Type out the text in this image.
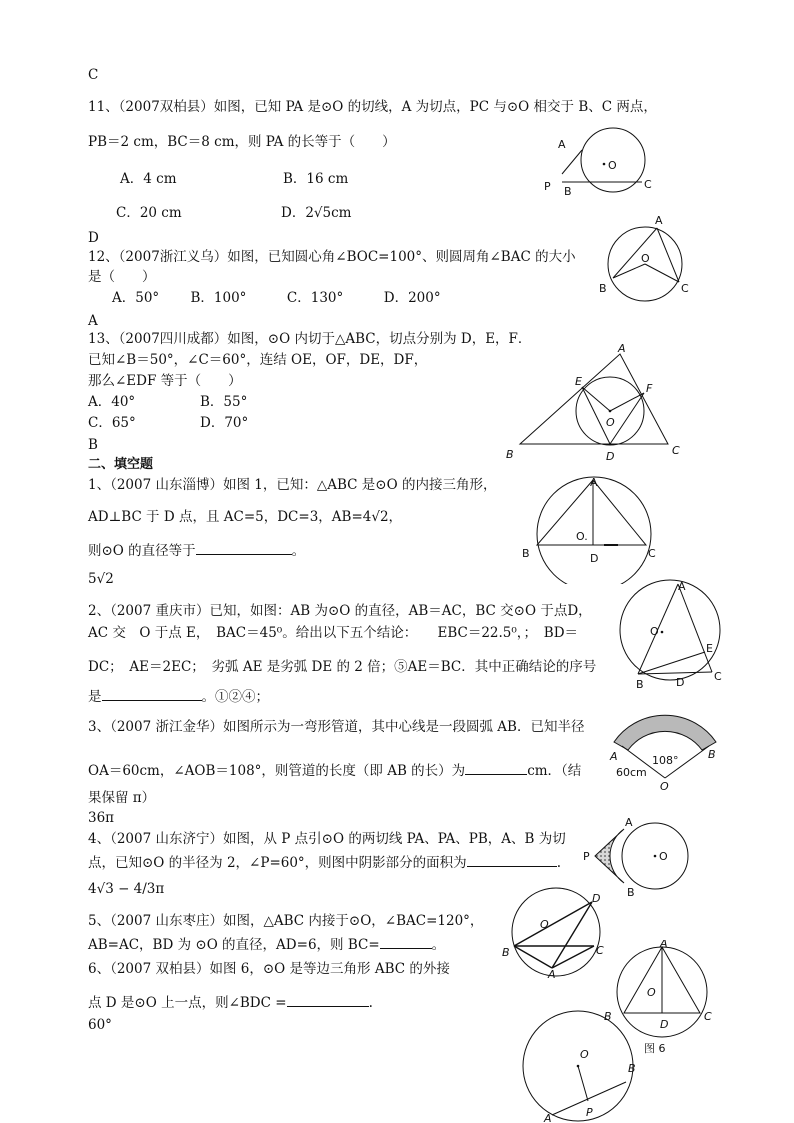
C
11、（2007双柏县）如图，已知 PA 是⊙O 的切线，A 为切点，PC 与⊙O 相交于 B、C 两点，
PB＝2 cm，BC＝8 cm，则 PA 的长等于（　　）
A．4 cm	B．16 cm
C．20 cm	D．2√5cm
D
12、（2007浙江义乌）如图，已知圆心角∠BOC=100°、则圆周角∠BAC 的大小
是（　　）
A．50°　　 B．100°　　　C．130°　　　D．200°
A
13、（2007四川成都）如图，⊙O 内切于△ABC，切点分别为 D，E，F．
已知∠B＝50°，∠C＝60°，连结 OE，OF，DE，DF，
那么∠EDF 等于（　　）
A．40°	B．55°
C．65°	D．70°
B
二、填空题
1、（2007 山东淄博）如图 1，已知：△ABC 是⊙O 的内接三角形，
AD⊥BC 于 D 点，且 AC=5，DC=3，AB=4√2，
则⊙O 的直径等于	。
5√2
2、（2007 重庆市）已知，如图：AB 为⊙O 的直径，AB＝AC，BC 交⊙O 于点D，
AC 交　O 于点 E，　BAC＝45⁰。给出以下五个结论：　　EBC＝22.5⁰，；　BD＝
DC；　AE＝2EC；　劣弧 AE 是劣弧 DE 的 2 倍；⑤AE＝BC．其中正确结论的序号
是	。①②④；
3、（2007 浙江金华）如图所示为一弯形管道，其中心线是一段圆弧 AB．已知半径
OA＝60cm，∠AOB＝108°，则管道的长度（即 AB 的长）为	cm．（结
果保留 π）
36π
4、（2007 山东济宁）如图，从 P 点引⊙O 的两切线 PA、PA、PB，A、B 为切
点，已知⊙O 的半径为 2，∠P=60°，则图中阴影部分的面积为	.
4√3 − 4/3π
5、（2007 山东枣庄）如图，△ABC 内接于⊙O，∠BAC=120°，
AB=AC，BD 为 ⊙O 的直径，AD=6，则 BC=	。
6、（2007 双柏县）如图 6，⊙O 是等边三角形 ABC 的外接
点 D 是⊙O 上一点，则∠BDC =	.
60°
A
O
P B
C
A
O
B	C
A
E
F
O
B	D	C
A
O.
B	D	C
A
O
E
B	D	C
A	B
108°
60cm
O
A
P	O
B
D
O
B	C
A
A
O
B
D
C
图 6
O
B
P
A
